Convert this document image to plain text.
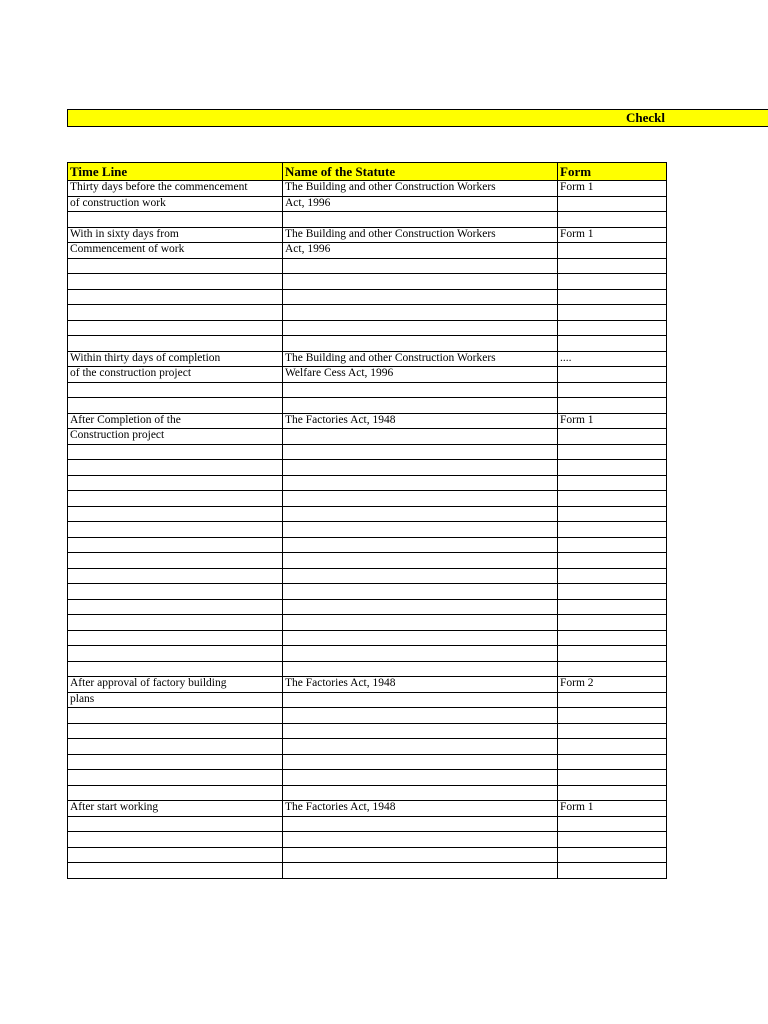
Checkl
Time Line	Name of the Statute	Form
Thirty days before the commencement	The Building and other Construction Workers	Form 1
of construction work	Act, 1996	

With in sixty days from	The Building and other Construction Workers	Form 1
Commencement of work	Act, 1996	

Within thirty days of completion	The Building and other Construction Workers	....
of the construction project	Welfare Cess Act, 1996	

After Completion of the	The Factories Act, 1948	Form 1
Construction project		

After approval of factory building	The Factories Act, 1948	Form 2
plans		

After start working	The Factories Act, 1948	Form 1
